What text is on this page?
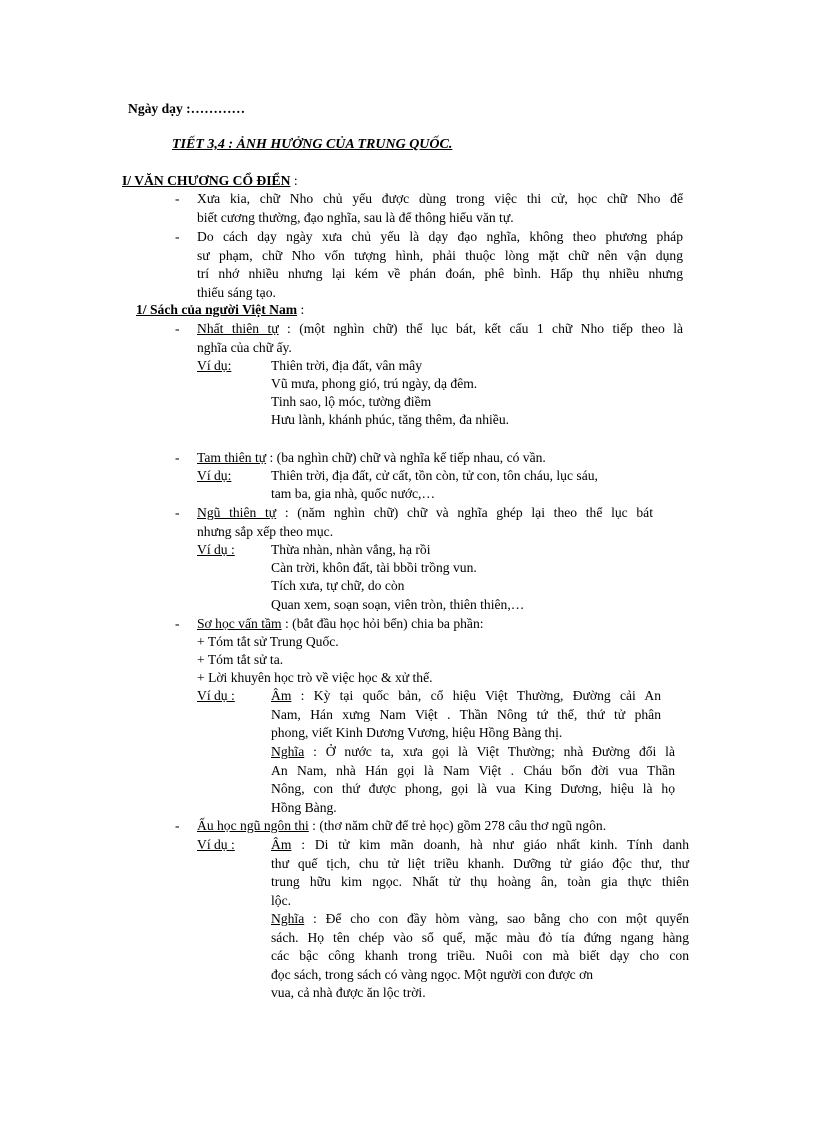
Ngày dạy :…………
TIẾT 3,4 : ẢNH HƯỞNG CỦA TRUNG QUỐC.
I/ VĂN CHƯƠNG CỔ ĐIỂN :
- Xưa kia, chữ Nho chủ yếu được dùng trong việc thi cử, học chữ Nho để
biết cương thường, đạo nghĩa, sau là để thông hiểu văn tự.
- Do cách dạy ngày xưa chủ yếu là dạy đạo nghĩa, không theo phương pháp
sư phạm, chữ Nho vốn tượng hình, phải thuộc lòng mặt chữ nên vận dụng
trí nhớ nhiều nhưng lại kém về phán đoán, phê bình. Hấp thụ nhiều nhưng
thiếu sáng tạo.
1/ Sách của người Việt Nam :
- Nhất thiên tự : (một nghìn chữ) thể lục bát, kết cấu 1 chữ Nho tiếp theo là
nghĩa của chữ ấy.
Ví dụ:	Thiên trời, địa đất, vân mây
Vũ mưa, phong gió, trú ngày, dạ đêm.
Tinh sao, lộ móc, tường điềm
Hưu lành, khánh phúc, tăng thêm, đa nhiều.
- Tam thiên tự : (ba nghìn chữ) chữ và nghĩa kế tiếp nhau, có vần.
Ví dụ:	Thiên trời, địa đất, cử cất, tồn còn, tử con, tôn cháu, lục sáu,
tam ba, gia nhà, quốc nước,…
- Ngũ thiên tự : (năm nghìn chữ) chữ và nghĩa ghép lại theo thể lục bát
nhưng sắp xếp theo mục.
Ví dụ :	Thừa nhàn, nhàn vắng, hạ rồi
Càn trời, khôn đất, tài bbồi trồng vun.
Tích xưa, tự chữ, do còn
Quan xem, soạn soạn, viên tròn, thiên thiên,…
- Sơ học vấn tầm : (bắt đầu học hỏi bến) chia ba phần:
+ Tóm tắt sử Trung Quốc.
+ Tóm tắt sử ta.
+ Lời khuyên học trò về việc học & xử thế.
Ví dụ :	Âm : Kỳ tại quốc bản, cổ hiệu Việt Thường, Đường cải An
Nam, Hán xưng Nam Việt . Thần Nông tứ thế, thứ tử phân
phong, viết Kinh Dương Vương, hiệu Hồng Bàng thị.
Nghĩa : Ở nước ta, xưa gọi là Việt Thường; nhà Đường đổi là
An Nam, nhà Hán gọi là Nam Việt . Cháu bốn đời vua Thần
Nông, con thứ được phong, gọi là vua King Dương, hiệu là họ
Hồng Bàng.
- Ấu học ngũ ngôn thi : (thơ năm chữ để trẻ học) gồm 278 câu thơ ngũ ngôn.
Ví dụ :	Âm : Di tử kim mãn doanh, hà như giáo nhất kinh. Tính danh
thư quế tịch, chu tử liệt triều khanh. Dưỡng tử giáo độc thư, thư
trung hữu kim ngọc. Nhất tử thụ hoàng ân, toàn gia thực thiên
lộc.
Nghĩa : Để cho con đầy hòm vàng, sao bằng cho con một quyển
sách. Họ tên chép vào sổ quế, mặc màu đỏ tía đứng ngang hàng
các bậc công khanh trong triều. Nuôi con mà biết dạy cho con
đọc sách, trong sách có vàng ngọc. Một người con được ơn
vua, cả nhà được ăn lộc trời.
